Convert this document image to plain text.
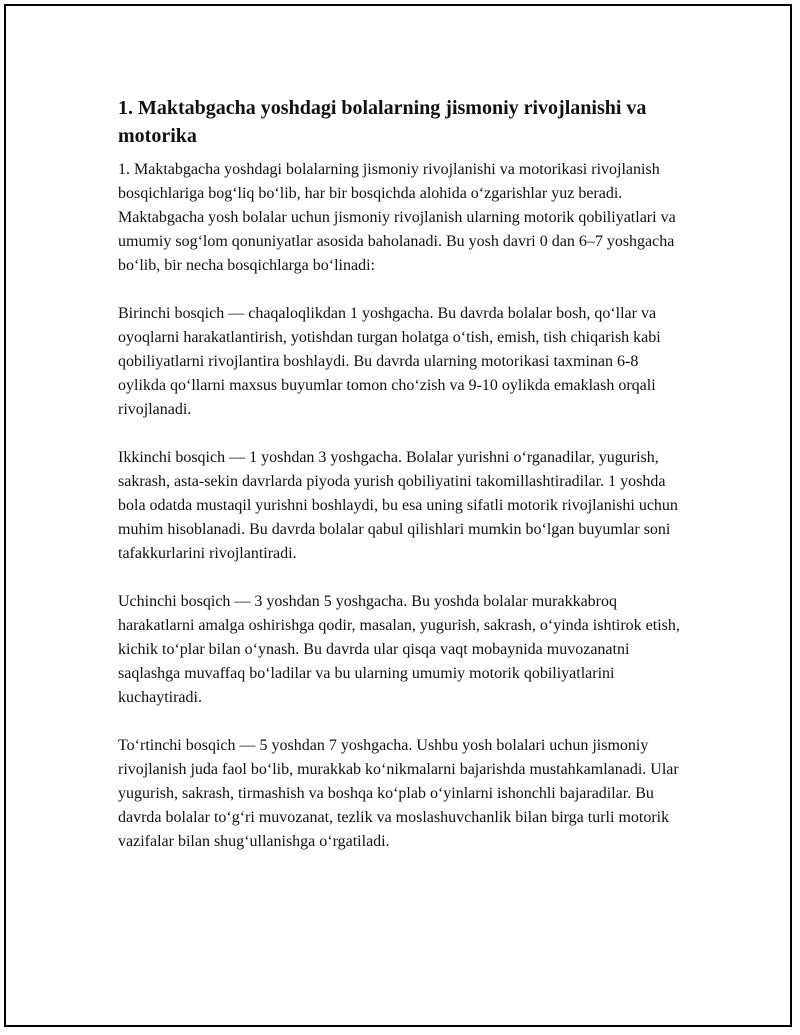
1. Maktabgacha yoshdagi bolalarning jismoniy rivojlanishi va motorika

1. Maktabgacha yoshdagi bolalarning jismoniy rivojlanishi va motorikasi rivojlanish bosqichlariga bog‘liq bo‘lib, har bir bosqichda alohida o‘zgarishlar yuz beradi. Maktabgacha yosh bolalar uchun jismoniy rivojlanish ularning motorik qobiliyatlari va umumiy sog‘lom qonuniyatlar asosida baholanadi. Bu yosh davri 0 dan 6–7 yoshgacha bo‘lib, bir necha bosqichlarga bo‘linadi:

Birinchi bosqich — chaqaloqlikdan 1 yoshgacha. Bu davrda bolalar bosh, qo‘llar va oyoqlarni harakatlantirish, yotishdan turgan holatga o‘tish, emish, tish chiqarish kabi qobiliyatlarni rivojlantira boshlaydi. Bu davrda ularning motorikasi taxminan 6-8 oylikda qo‘llarni maxsus buyumlar tomon cho‘zish va 9-10 oylikda emaklash orqali rivojlanadi.

Ikkinchi bosqich — 1 yoshdan 3 yoshgacha. Bolalar yurishni o‘rganadilar, yugurish, sakrash, asta-sekin davrlarda piyoda yurish qobiliyatini takomillashtiradilar. 1 yoshda bola odatda mustaqil yurishni boshlaydi, bu esa uning sifatli motorik rivojlanishi uchun muhim hisoblanadi. Bu davrda bolalar qabul qilishlari mumkin bo‘lgan buyumlar soni tafakkurlarini rivojlantiradi.

Uchinchi bosqich — 3 yoshdan 5 yoshgacha. Bu yoshda bolalar murakkabroq harakatlarni amalga oshirishga qodir, masalan, yugurish, sakrash, o‘yinda ishtirok etish, kichik to‘plar bilan o‘ynash. Bu davrda ular qisqa vaqt mobaynida muvozanatni saqlashga muvaffaq bo‘ladilar va bu ularning umumiy motorik qobiliyatlarini kuchaytiradi.

To‘rtinchi bosqich — 5 yoshdan 7 yoshgacha. Ushbu yosh bolalari uchun jismoniy rivojlanish juda faol bo‘lib, murakkab ko‘nikmalarni bajarishda mustahkamlanadi. Ular yugurish, sakrash, tirmashish va boshqa ko‘plab o‘yinlarni ishonchli bajaradilar. Bu davrda bolalar to‘g‘ri muvozanat, tezlik va moslashuvchanlik bilan birga turli motorik vazifalar bilan shug‘ullanishga o‘rgatiladi.
